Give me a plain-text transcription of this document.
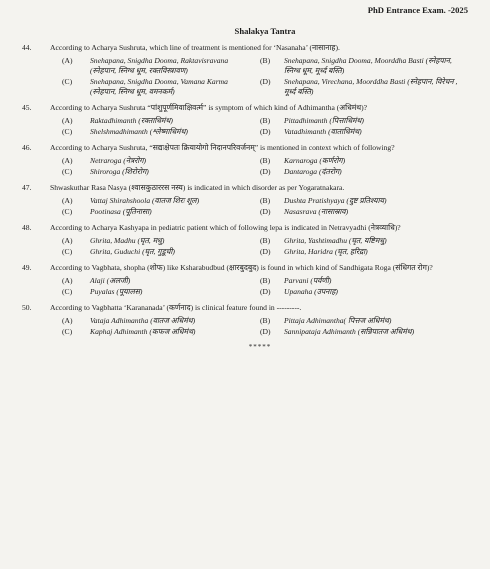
PhD Entrance Exam. -2025
Shalakya Tantra
44. According to Acharya Sushruta, which line of treatment is mentioned for ‘Nasanaha’ (नासानाह).
(A)	Snehapana, Snigdha Dooma, Raktavisravana (स्नेहपान, स्निग्ध धूम, रक्तविस्त्रावण)
(B)	Snehapana, Snigdha Dooma, Moorddha Basti (स्नेहपान, स्निग्ध धूम, मूर्ध्द बस्ति)
(C)	Snehapana, Snigdha Dooma, Vamana Karma (स्नेहपान, स्निग्ध धूम, वमनकर्म)
(D)	Snehapana, Virechana, Moorddha Basti (स्नेहपान, विरेचन , मूर्ध्द बस्ति)
45. According to Acharya Sushruta “पांशुपूर्णमिवाक्षिवर्त्म” is symptom of which kind of Adhimantha (अधिमंथ)?
(A)	Raktadhimanth (रक्ताधिमंथ)	(B)	Pittadhimanth (पित्ताधिमंथ)
(C)	Shelshmadhimanth (श्लेष्माधिमंथ)	(D)	Vatadhimanth (वाताधिमंथ)
46. According to Acharya Sushruta, “सद्यःक्षेपतः क्रियायोगो निदानपरिवर्जनम्” is mentioned in context which of following?
(A)	Netraroga (नेत्ररोग)	(B)	Karnaroga (कर्णरोग)
(C)	Shiroroga (शिरोरोग)	(D)	Dantaroga (दंतरोग)
47. Shwaskuthar Rasa Nasya (श्वासकुठाररस नस्य) is indicated in which disorder as per Yogaratnakara.
(A)	Vattaj Shirahshoola (वातज शिरः शूल)	(B)	Dushta Pratishyaya (दुष्ट प्रतिश्याय)
(C)	Pootinasa (पूतिनासा)	(D)	Nasasrava (नासास्राव)
48. According to Acharya Kashyapa in pediatric patient which of following lepa is indicated in Netravyadhi (नेत्रव्याधि)?
(A)	Ghrita, Madhu (घृत, मधु)	(B)	Ghrita, Yashtimadhu (घृत, यष्टिमधु)
(C)	Ghrita, Guduchi (घृत, गुडूची)	(D)	Ghrita, Haridra (घृत, हरिद्रा)
49. According to Vagbhata, shopha (शोफ) like Ksharabudbud (क्षारबुदबुद) is found in which kind of Sandhigata Roga (संधिगत रोग)?
(A)	Alaji (अलजी)	(B)	Parvani (पर्वणी)
(C)	Puyalas (पूयालस)	(D)	Upanaha (उपनाह)
50. According to Vagbhatta ‘Karananada’ (कर्णनाद) is clinical feature found in ---------.
(A)	Vataja Adhimantha (वातज अधिमंथ)	(B)	Pittaja Adhimantha( पित्तज अधिमंथ)
(C)	Kaphaj Adhimanth (कफज अधिमंथ)	(D)	Sannipataja Adhimanth (सन्निपातज अधिमंथ)
*****
